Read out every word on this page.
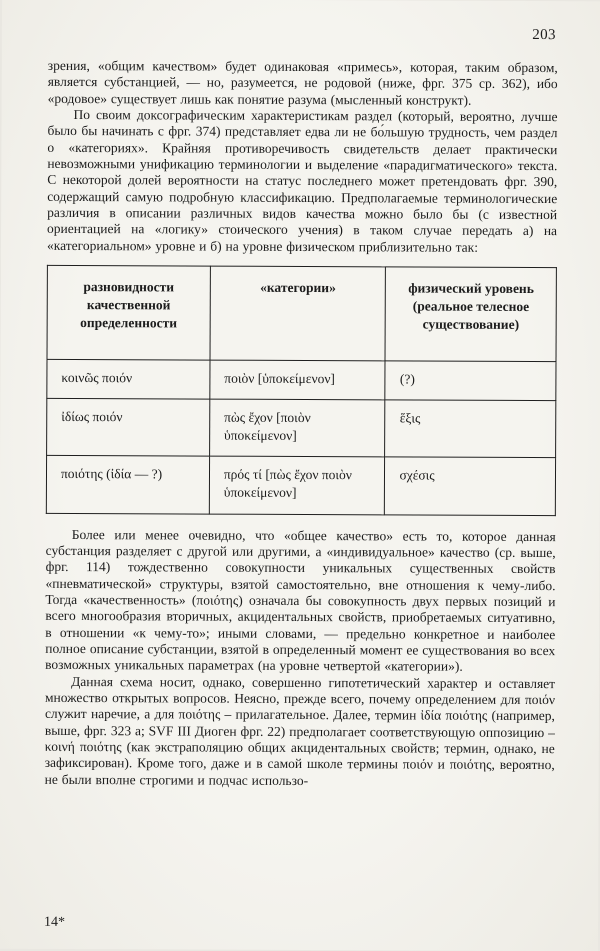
203

зрения, «общим качеством» будет одинаковая «примесь», которая, таким образом, является субстанцией, — но, разумеется, не родовой (ниже, фрг. 375 ср. 362), ибо «родовое» существует лишь как понятие разума (мысленный конструкт).

По своим доксографическим характеристикам раздел (который, вероятно, лучше было бы начинать с фрг. 374) представляет едва ли не бо́льшую трудность, чем раздел о «категориях». Крайняя противоречивость свидетельств делает практически невозможными унификацию терминологии и выделение «парадигматического» текста. С некоторой долей вероятности на статус последнего может претендовать фрг. 390, содержащий самую подробную классификацию. Предполагаемые терминологические различия в описании различных видов качества можно было бы (с известной ориентацией на «логику» стоического учения) в таком случае передать а) на «категориальном» уровне и б) на уровне физическом приблизительно так:

разновидности качественной определенности	«категории»	физический уровень (реальное телесное существование)
κοινῶς ποιόν	ποιὸν [ὑποκείμενον]	(?)
ἰδίως ποιόν	πὼς ἔχον [ποιὸν ὑποκείμενον]	ἕξις
ποιότης (ἰδία — ?)	πρός τί [πὼς ἔχον ποιὸν ὑποκείμενον]	σχέσις

Более или менее очевидно, что «общее качество» есть то, которое данная субстанция разделяет с другой или другими, а «индивидуальное» качество (ср. выше, фрг. 114) тождественно совокупности уникальных существенных свойств «пневматической» структуры, взятой самостоятельно, вне отношения к чему-либо. Тогда «качественность» (ποιότης) означала бы совокупность двух первых позиций и всего многообразия вторичных, акцидентальных свойств, приобретаемых ситуативно, в отношении «к чему-то»; иными словами, — предельно конкретное и наиболее полное описание субстанции, взятой в определенный момент ее существования во всех возможных уникальных параметрах (на уровне четвертой «категории»).

Данная схема носит, однако, совершенно гипотетический характер и оставляет множество открытых вопросов. Неясно, прежде всего, почему определением для ποιόν служит наречие, а для ποιότης – прилагательное. Далее, термин ἰδία ποιότης (например, выше, фрг. 323 а; SVF III Диоген фрг. 22) предполагает соответствующую оппозицию – κοινή ποιότης (как экстраполяцию общих акцидентальных свойств; термин, однако, не зафиксирован). Кроме того, даже и в самой школе термины ποιόν и ποιότης, вероятно, не были вполне строгими и подчас использо-

14*
